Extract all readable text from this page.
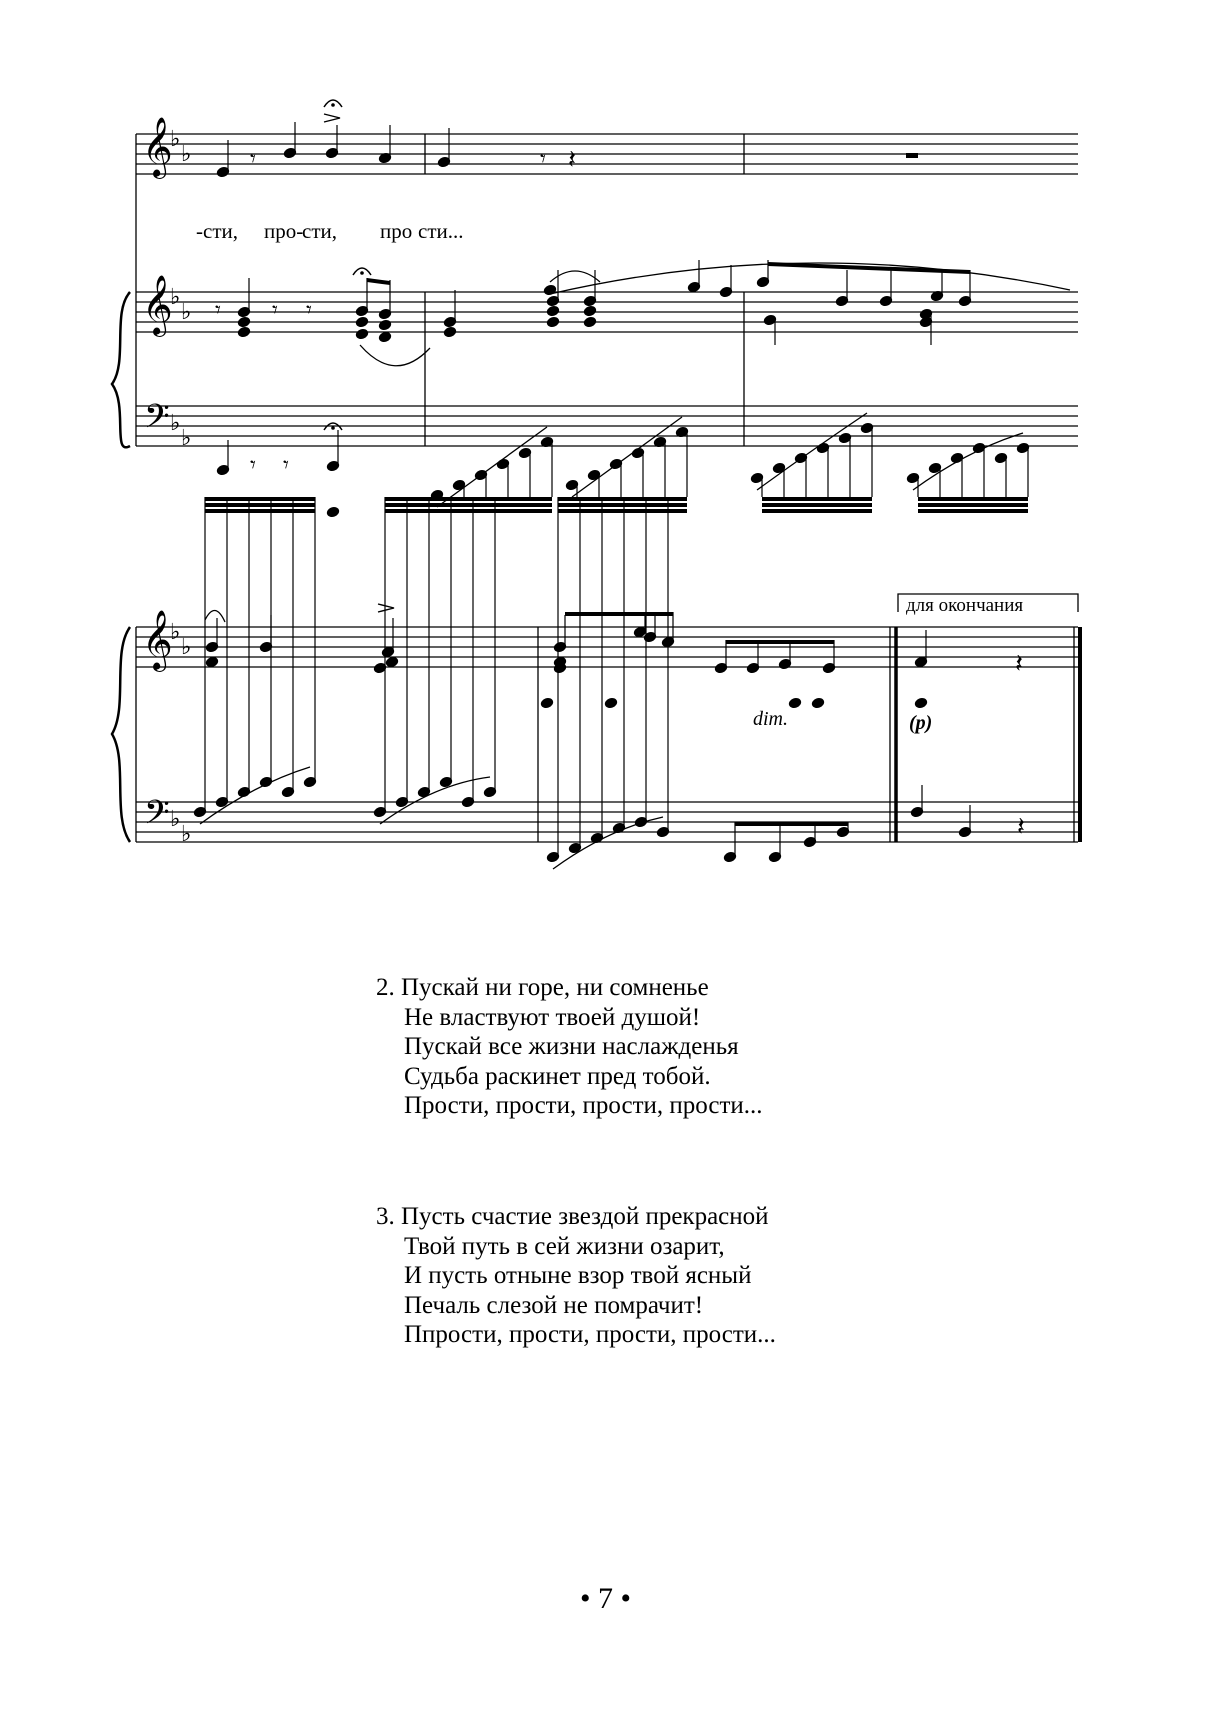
𝄞
𝄞
𝄢
♭
♭
♭
♭
♭
♭
𝄾	𝄾 𝄽
𝄾 𝄾 𝄾
𝄾 𝄾
𝄞
𝄢
♭
♭
♭
♭
𝄽
𝄽
-сти, про-
сти, про сти...
для окончания
dim.	(p)

2. Пускай ни горе, ни сомненье

Не властвуют твоей душой!

Пускай все жизни наслажденья

Судьба раскинет пред тобой.

Прости, прости, прости, прости...

3. Пусть счастие звездой прекрасной

Твой путь в сей жизни озарит,

И пусть отныне взор твой ясный

Печаль слезой не помрачит!

Ппрости, прости, прости, прости...

• 7 •
